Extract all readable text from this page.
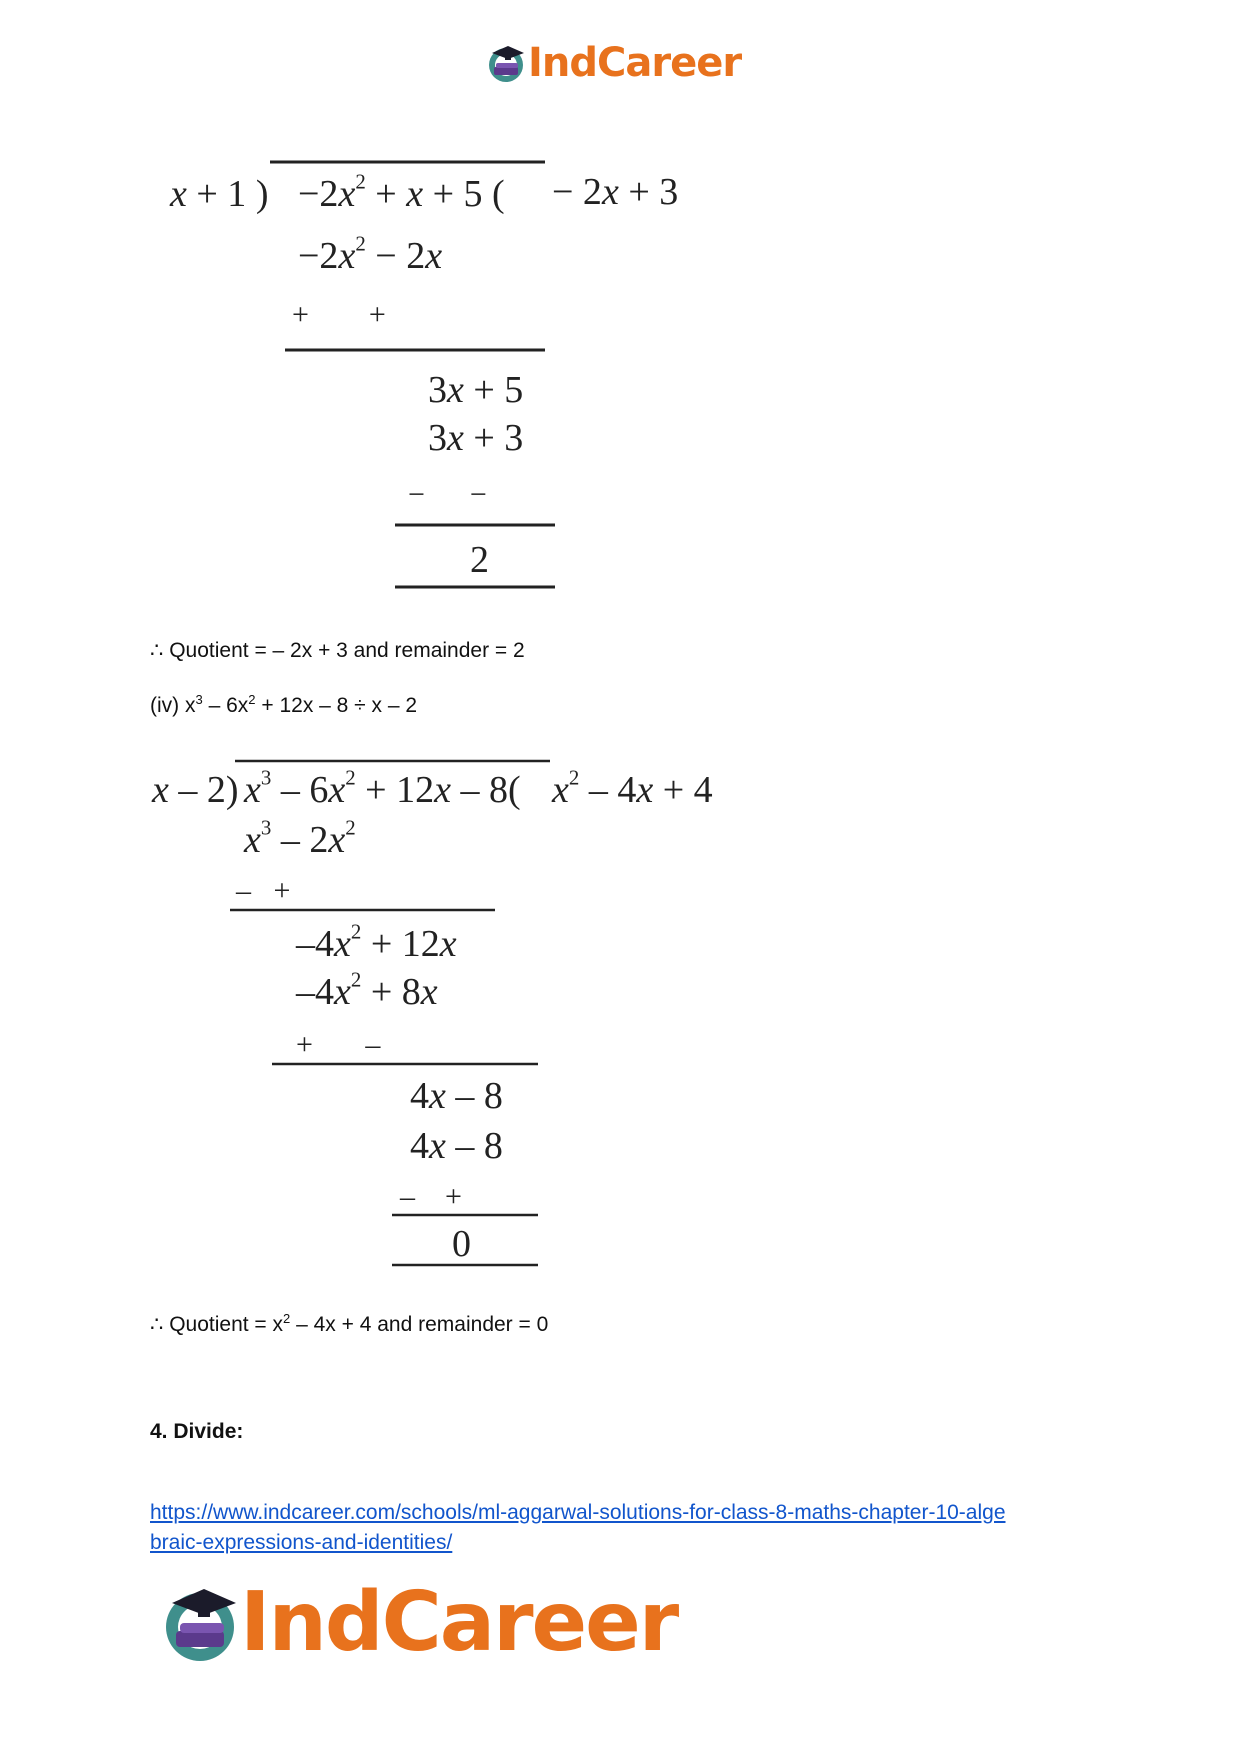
IndCareer
x + 1 ) $-2x^2 + x + 5$ ( − 2x + 3
$-2x^2 - 2x$
+        +
3x + 5
3x + 3
−      −
2
∴ Quotient = – 2x + 3 and remainder = 2
(iv) $x^3 - 6x^2 + 12x - 8 \div x - 2$
x – 2) $x^3 - 6x^2 + 12x - 8$( $x^2 - 4x + 4$
$x^3 - 2x^2$
–   +
$-4x^2 + 12x$
$-4x^2 + 8x$
+       –
4x – 8
4x – 8
–    +
0
∴ Quotient = $x^2 - 4x + 4$ and remainder = 0
4. Divide:
https://www.indcareer.com/schools/ml-aggarwal-solutions-for-class-8-maths-chapter-10-alge
braic-expressions-and-identities/
IndCareer
